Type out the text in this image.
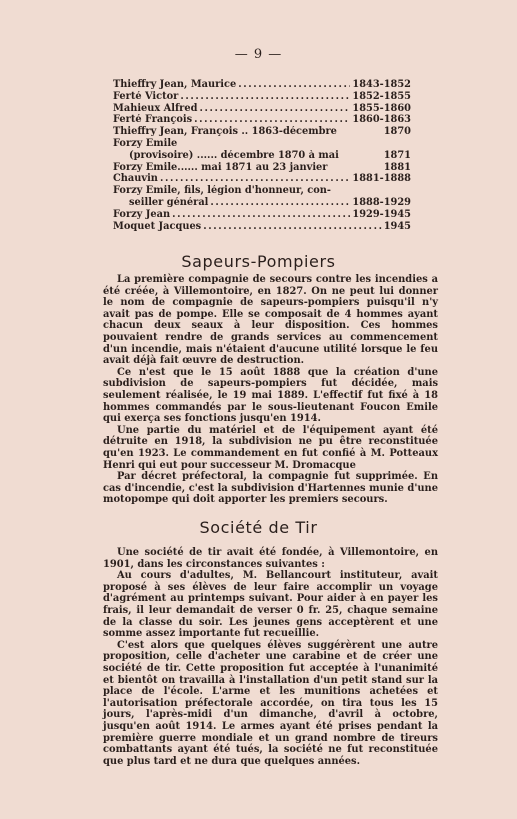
— 9 —
Thieffry Jean, Maurice .....	1843-1852
Ferté Victor .....	1852-1855
Mahieux Alfred .....	1855-1860
Ferté François .....	1860-1863
Thieffry Jean, François .. 1863-décembre	1870
Forzy Emile
(provisoire) ...... décembre 1870 à mai	1871
Forzy Emile...... mai 1871 au 23 janvier	1881
Chauvin .....	1881-1888
Forzy Emile, fils, légion d'honneur, con-
seiller général .....	1888-1929
Forzy Jean .....	1929-1945
Moquet Jacques .....	1945
Sapeurs-Pompiers

La première compagnie de secours contre les incendies a été créée, à Villemontoire, en 1827. On ne peut lui donner le nom de compagnie de sapeurs-pompiers puisqu'il n'y avait pas de pompe. Elle se composait de 4 hommes ayant chacun deux seaux à leur disposition. Ces hommes pouvaient rendre de grands services au commencement d'un incendie, mais n'étaient d'aucune utilité lorsque le feu avait déjà fait œuvre de destruction.

Ce n'est que le 15 août 1888 que la création d'une subdivision de sapeurs-pompiers fut décidée, mais seulement réalisée, le 19 mai 1889. L'effectif fut fixé à 18 hommes commandés par le sous-lieutenant Foucon Emile qui exerça ses fonctions jusqu'en 1914.

Une partie du matériel et de l'équipement ayant été détruite en 1918, la subdivision ne pu être reconstituée qu'en 1923. Le commandement en fut confié à M. Potteaux Henri qui eut pour successeur M. Dromacque

Par décret préfectoral, la compagnie fut supprimée. En cas d'incendie, c'est la subdivision d'Hartennes munie d'une motopompe qui doit apporter les premiers secours.

Société de Tir

Une société de tir avait été fondée, à Villemontoire, en 1901, dans les circonstances suivantes :

Au cours d'adultes, M. Bellancourt instituteur, avait proposé à ses élèves de leur faire accomplir un voyage d'agrément au printemps suivant. Pour aider à en payer les frais, il leur demandait de verser 0 fr. 25, chaque semaine de la classe du soir. Les jeunes gens acceptèrent et une somme assez importante fut recueillie.

C'est alors que quelques élèves suggérèrent une autre proposition, celle d'acheter une carabine et de créer une société de tir. Cette proposition fut acceptée à l'unanimité et bientôt on travailla à l'installation d'un petit stand sur la place de l'école. L'arme et les munitions achetées et l'autorisation préfectorale accordée, on tira tous les 15 jours, l'après-midi d'un dimanche, d'avril à octobre, jusqu'en août 1914. Le armes ayant été prises pendant la première guerre mondiale et un grand nombre de tireurs combattants ayant été tués, la société ne fut reconstituée que plus tard et ne dura que quelques années.
